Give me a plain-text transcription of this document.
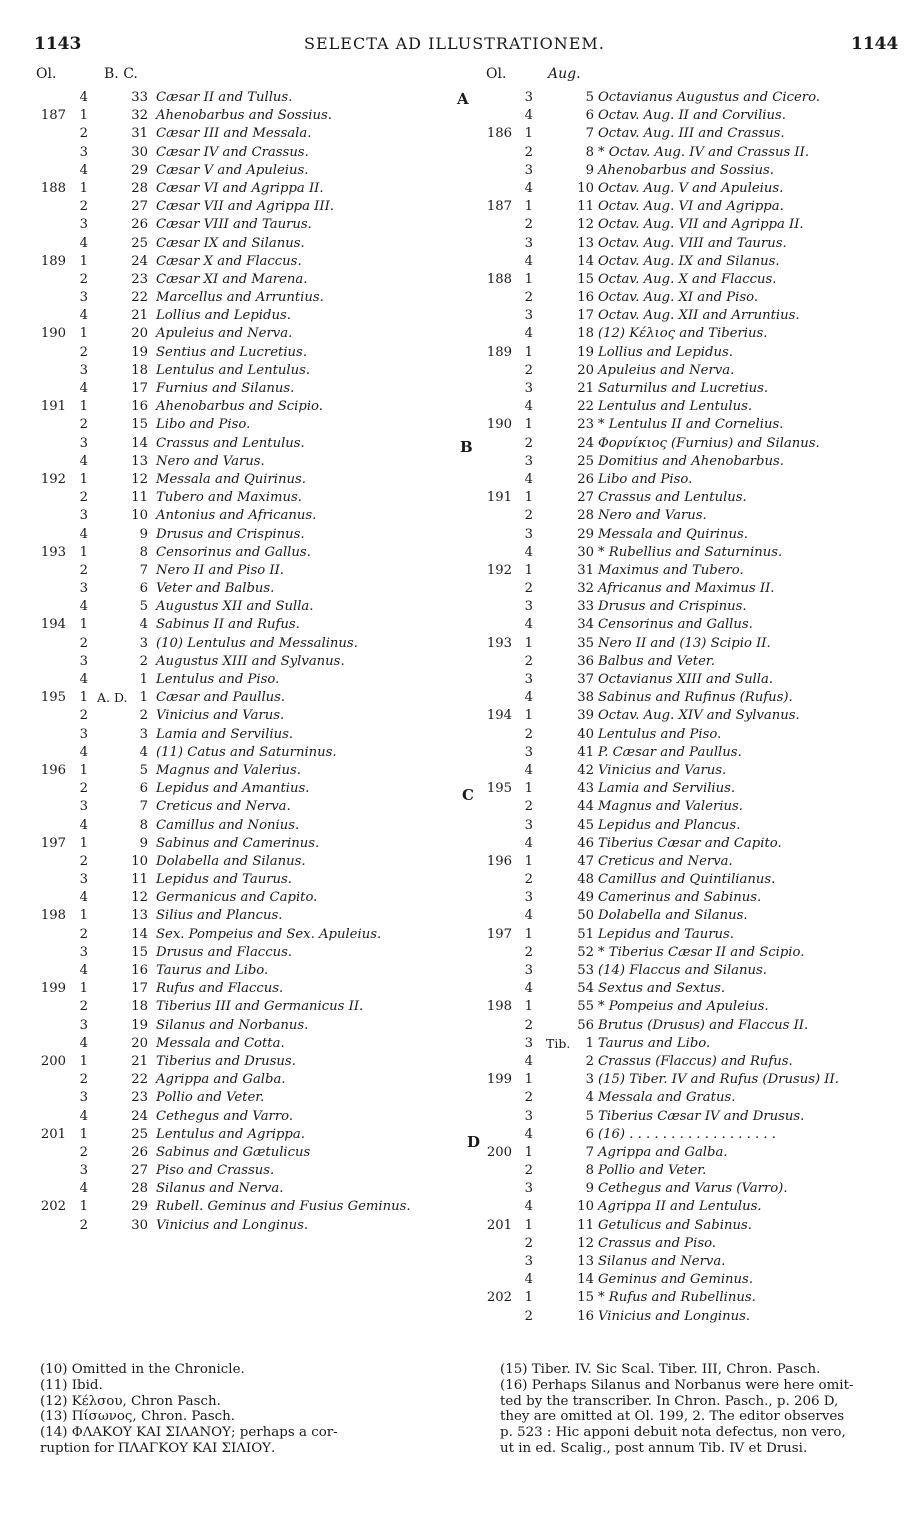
1143	SELECTA AD ILLUSTRATIONEM.	1144
Ol.	B. C.	Ol.	Aug.
4	33 Cæsar II and Tullus.
187	1	32 Ahenobarbus and Sossius.
2	31 Cæsar III and Messala.
3	30 Cæsar IV and Crassus.
4	29 Cæsar V and Apuleius.
188	1	28 Cæsar VI and Agrippa II.
2	27 Cæsar VII and Agrippa III.
3	26 Cæsar VIII and Taurus.
4	25 Cæsar IX and Silanus.
189	1	24 Cæsar X and Flaccus.
2	23 Cæsar XI and Marena.
3	22 Marcellus and Arruntius.
4	21 Lollius and Lepidus.
190	1	20 Apuleius and Nerva.
2	19 Sentius and Lucretius.
3	18 Lentulus and Lentulus.
4	17 Furnius and Silanus.
191	1	16 Ahenobarbus and Scipio.
2	15 Libo and Piso.
3	14 Crassus and Lentulus.
4	13 Nero and Varus.
192	1	12 Messala and Quirinus.
2	11 Tubero and Maximus.
3	10 Antonius and Africanus.
4	9 Drusus and Crispinus.
193	1	8 Censorinus and Gallus.
2	7 Nero II and Piso II.
3	6 Veter and Balbus.
4	5 Augustus XII and Sulla.
194	1	4 Sabinus II and Rufus.
2	3 (10) Lentulus and Messalinus.
3	2 Augustus XIII and Sylvanus.
4	1 Lentulus and Piso.
195	1 A. D. 1 Cæsar and Paullus.
2	2 Vinicius and Varus.
3	3 Lamia and Servilius.
4	4 (11) Catus and Saturninus.
196	1	5 Magnus and Valerius.
2	6 Lepidus and Amantius.
3	7 Creticus and Nerva.
4	8 Camillus and Nonius.
197	1	9 Sabinus and Camerinus.
2	10 Dolabella and Silanus.
3	11 Lepidus and Taurus.
4	12 Germanicus and Capito.
198	1	13 Silius and Plancus.
2	14 Sex. Pompeius and Sex. Apuleius.
3	15 Drusus and Flaccus.
4	16 Taurus and Libo.
199	1	17 Rufus and Flaccus.
2	18 Tiberius III and Germanicus II.
3	19 Silanus and Norbanus.
4	20 Messala and Cotta.
200	1	21 Tiberius and Drusus.
2	22 Agrippa and Galba.
3	23 Pollio and Veter.
4	24 Cethegus and Varro.
201	1	25 Lentulus and Agrippa.
2	26 Sabinus and Gætulicus
3	27 Piso and Crassus.
4	28 Silanus and Nerva.
202	1	29 Rubell. Geminus and Fusius Geminus.
2	30 Vinicius and Longinus.
3	5 Octavianus Augustus and Cicero.
4	6 Octav. Aug. II and Corvilius.
186 1	7 Octav. Aug. III and Crassus.
2	8 * Octav. Aug. IV and Crassus II.
3	9 Ahenobarbus and Sossius.
4	10 Octav. Aug. V and Apuleius.
187 1	11 Octav. Aug. VI and Agrippa.
2	12 Octav. Aug. VII and Agrippa II.
3	13 Octav. Aug. VIII and Taurus.
4	14 Octav. Aug. IX and Silanus.
188 1	15 Octav. Aug. X and Flaccus.
2	16 Octav. Aug. XI and Piso.
3	17 Octav. Aug. XII and Arruntius.
4	18 (12) Κέλιος and Tiberius.
189 1	19 Lollius and Lepidus.
2	20 Apuleius and Nerva.
3	21 Saturnilus and Lucretius.
4	22 Lentulus and Lentulus.
190 1	23 * Lentulus II and Cornelius.
2	24 Φορνίκιος (Furnius) and Silanus.
3	25 Domitius and Ahenobarbus.
4	26 Libo and Piso.
191 1	27 Crassus and Lentulus.
2	28 Nero and Varus.
3	29 Messala and Quirinus.
4	30 * Rubellius and Saturninus.
192 1	31 Maximus and Tubero.
2	32 Africanus and Maximus II.
3	33 Drusus and Crispinus.
4	34 Censorinus and Gallus.
193 1	35 Nero II and (13) Scipio II.
2	36 Balbus and Veter.
3	37 Octavianus XIII and Sulla.
4	38 Sabinus and Rufinus (Rufus).
194 1	39 Octav. Aug. XIV and Sylvanus.
2	40 Lentulus and Piso.
3	41 P. Cæsar and Paullus.
4	42 Vinicius and Varus.
195 1	43 Lamia and Servilius.
2	44 Magnus and Valerius.
3	45 Lepidus and Plancus.
4	46 Tiberius Cæsar and Capito.
196 1	47 Creticus and Nerva.
2	48 Camillus and Quintilianus.
3	49 Camerinus and Sabinus.
4	50 Dolabella and Silanus.
197 1	51 Lepidus and Taurus.
2	52 * Tiberius Cæsar II and Scipio.
3	53 (14) Flaccus and Silanus.
4	54 Sextus and Sextus.
198 1	55 * Pompeius and Apuleius.
2	56 Brutus (Drusus) and Flaccus II.
3 Tib.	1 Taurus and Libo.
4	2 Crassus (Flaccus) and Rufus.
199 1	3 (15) Tiber. IV and Rufus (Drusus) II.
2	4 Messala and Gratus.
3	5 Tiberius Cæsar IV and Drusus.
4	6 (16) . . . . . . . . . . . . . . . . . .
200 1	7 Agrippa and Galba.
2	8 Pollio and Veter.
3	9 Cethegus and Varus (Varro).
4	10 Agrippa II and Lentulus.
201 1	11 Getulicus and Sabinus.
2	12 Crassus and Piso.
3	13 Silanus and Nerva.
4	14 Geminus and Geminus.
202 1	15 * Rufus and Rubellinus.
2	16 Vinicius and Longinus.
A
B
C
D
(10) Omitted in the Chronicle.
(11) Ibid.
(12) Κέλσου, Chron Pasch.
(13) Πίσωνος, Chron. Pasch.
(14) ΦΛΑΚΟΥ ΚΑΙ ΣΙΛΑΝΟΥ; perhaps a cor-
ruption for ΠΛΑΓΚΟΥ ΚΑΙ ΣΙΛΙΟΥ.
(15) Tiber. IV. Sic Scal. Tiber. III, Chron. Pasch.
(16) Perhaps Silanus and Norbanus were here omit-
ted by the transcriber. In Chron. Pasch., p. 206 D,
they are omitted at Ol. 199, 2. The editor observes
p. 523 : Hic apponi debuit nota defectus, non vero,
ut in ed. Scalig., post annum Tib. IV et Drusi.
